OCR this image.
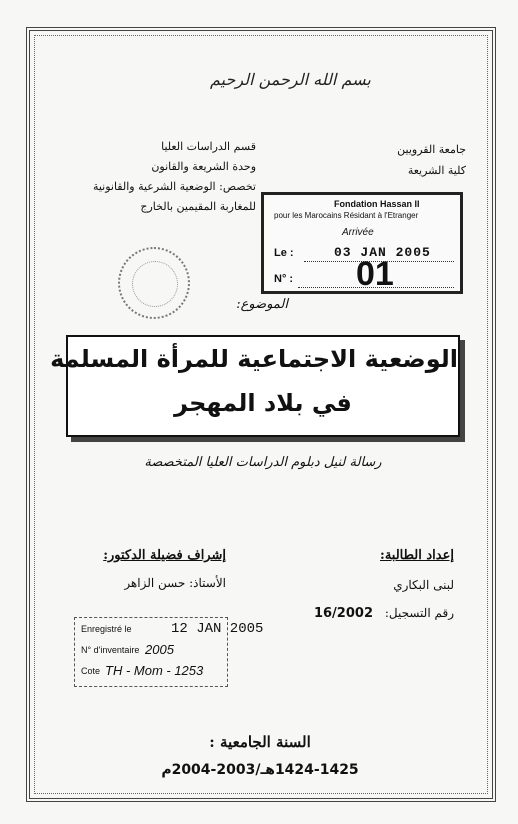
بسم الله الرحمن الرحيم
جامعة القرويين
كلية الشريعة
قسم الدراسات العليا
وحدة الشريعة والقانون
تخصص: الوضعية الشرعية والقانونية
للمغاربة المقيمين بالخارج	Fondation Hassan II
pour les Marocains Résidant à l'Etranger
Arrivée
Le :	03 JAN 2005
N° : 01
الموضوع:
الوضعية الاجتماعية للمرأة المسلمة
في بلاد المهجر
رسالة لنيل دبلوم الدراسات العليا المتخصصة
إعداد الطالبة:
لبنى البكاري
رقم التسجيل:
16/2002
إشراف فضيلة الدكتور:
الأستاذ: حسن الزاهر
Enregistré le	12 JAN 2005
N° d'inventaire 2005
Cote TH - Mom - 1253
السنة الجامعية :
1424-1425هـ/2003-2004م
